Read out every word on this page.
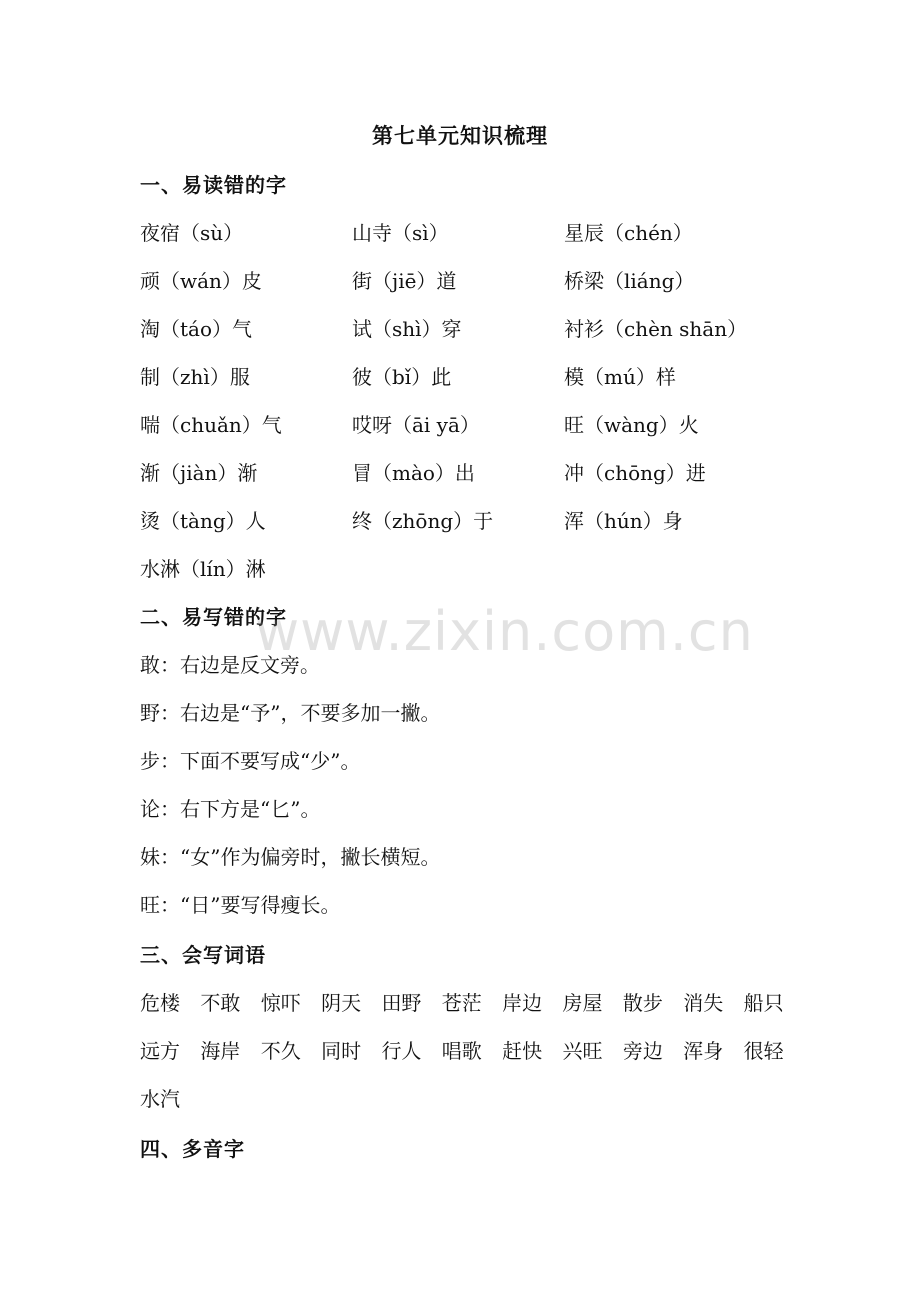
第七单元知识梳理
一、易读错的字
夜宿（sù）	山寺（sì）	星辰（chén）
顽（wán）皮	街（jiē）道	桥梁（liáng）
淘（táo）气	试（shì）穿	衬衫（chèn shān）
制（zhì）服	彼（bǐ）此	模（mú）样
喘（chuǎn）气	哎呀（āi yā）	旺（wàng）火
渐（jiàn）渐	冒（mào）出	冲（chōng）进
烫（tàng）人	终（zhōng）于	浑（hún）身
水淋（lín）淋
二、易写错的字
敢：右边是反文旁。
野：右边是“予”，不要多加一撇。
步：下面不要写成“少”。
论：右下方是“匕”。
妹：“女”作为偏旁时，撇长横短。
旺：“日”要写得瘦长。
三、会写词语
危楼 不敢 惊吓 阴天 田野 苍茫 岸边 房屋 散步 消失 船只
远方 海岸 不久 同时 行人 唱歌 赶快 兴旺 旁边 浑身 很轻
水汽
四、多音字
www.zixin.com.cn
